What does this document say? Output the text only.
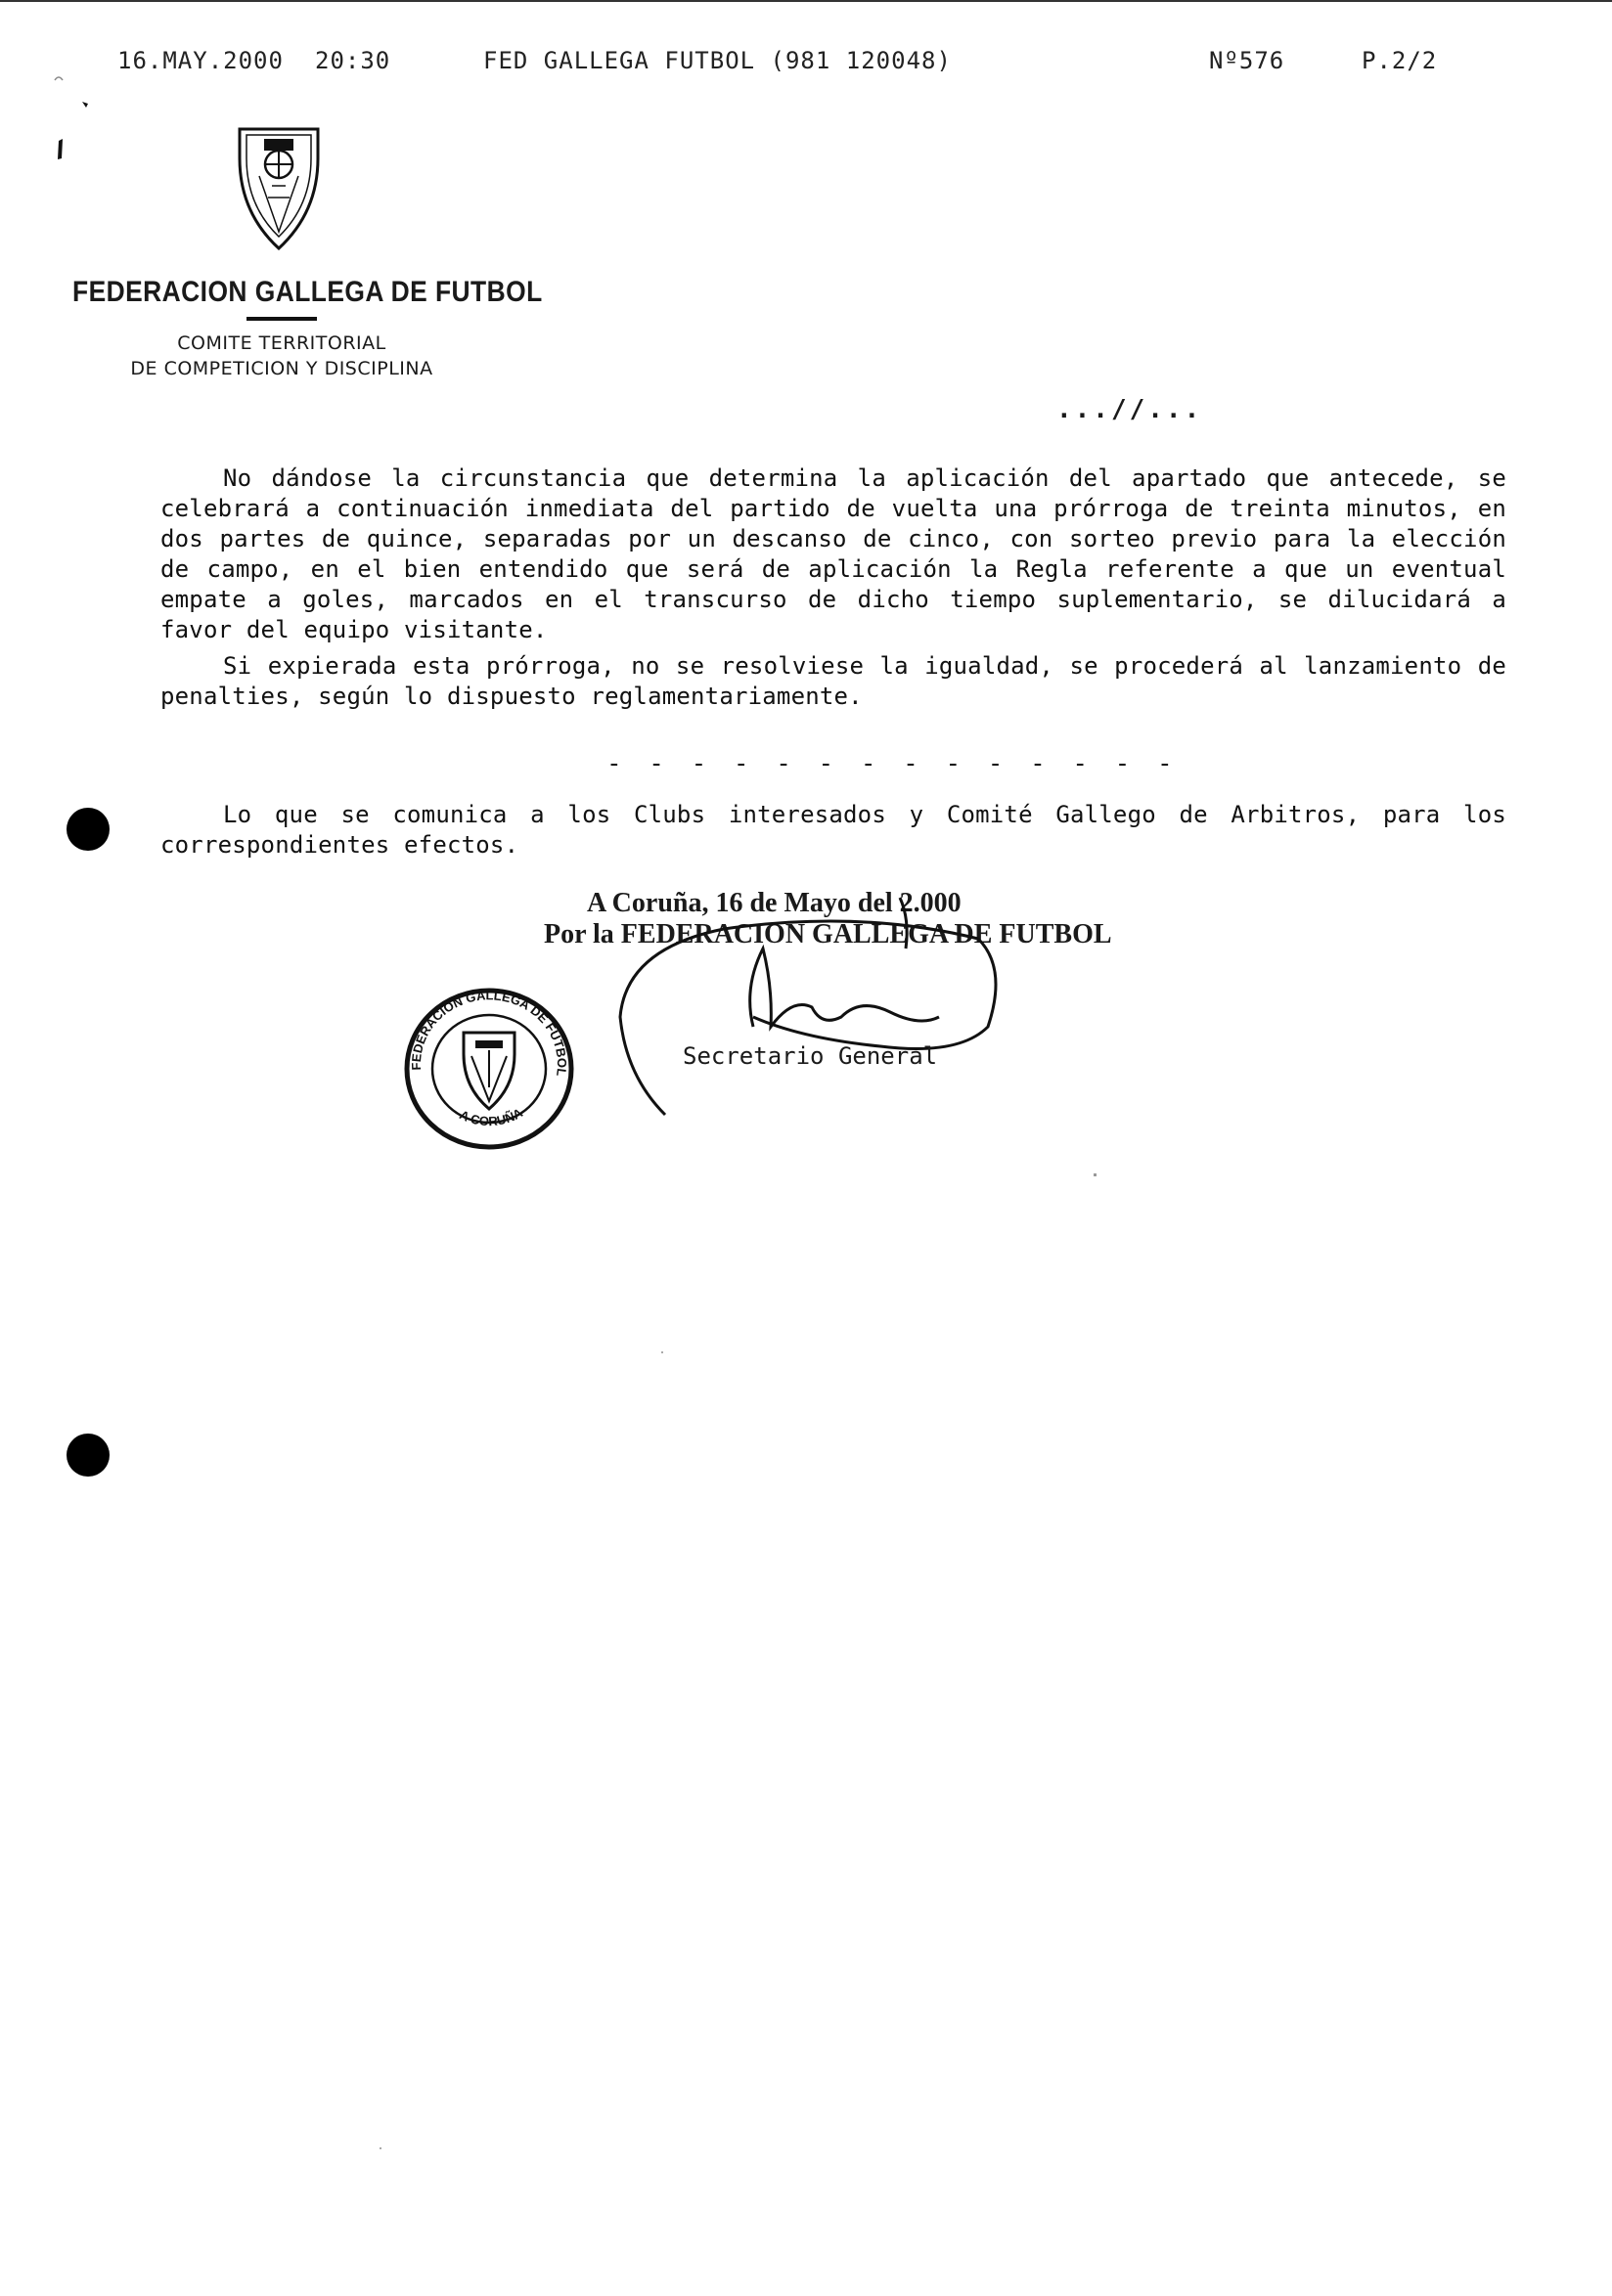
16.MAY.2000 20:30	FED GALLEGA FUTBOL (981 120048)	Nº576	P.2/2
FEDERACION GALLEGA DE FUTBOL
COMITE TERRITORIAL
DE COMPETICION Y DISCIPLINA
...//...

No dándose la circunstancia que determina la aplicación del apartado que antecede, se celebrará a continuación inmediata del partido de vuelta una prórroga de treinta minutos, en dos partes de quince, separadas por un descanso de cinco, con sorteo previo para la elección de campo, en el bien entendido que será de aplicación la Regla referente a que un eventual empate a goles, marcados en el transcurso de dicho tiempo suplementario, se dilucidará a favor del equipo visitante.

Si expierada esta prórroga, no se resolviese la igualdad, se procederá al lanzamiento de penalties, según lo dispuesto reglamentariamente.

- - - - - - - - - - - - - -

Lo que se comunica a los Clubs interesados y Comité Gallego de Arbitros, para los correspondientes efectos.

A Coruña, 16 de Mayo del 2.000
Por la FEDERACION GALLEGA DE FUTBOL
Secretario General
FEDERACION GALLEGA DE FUTBOL
A CORUÑA
